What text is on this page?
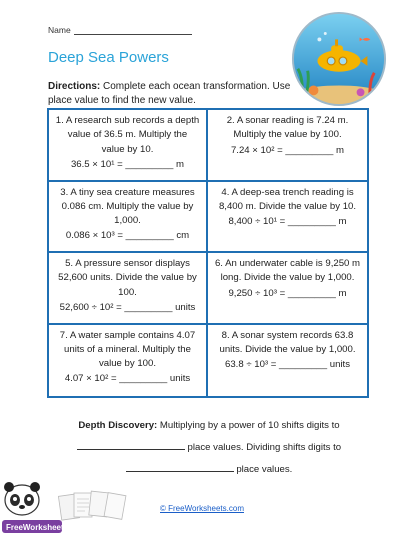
Name
Deep Sea Powers
Directions: Complete each ocean transformation. Use place value to find the new value.
1. A research sub records a depth value of 36.5 m. Multiply the value by 10.
36.5 × 10¹ = _________ m
2. A sonar reading is 7.24 m. Multiply the value by 100.
7.24 × 10² = _________ m
3. A tiny sea creature measures 0.086 cm. Multiply the value by 1,000.
0.086 × 10³ = _________ cm
4. A deep-sea trench reading is 8,400 m. Divide the value by 10.
8,400 ÷ 10¹ = _________ m
5. A pressure sensor displays 52,600 units. Divide the value by 100.
52,600 ÷ 10² = _________ units
6. An underwater cable is 9,250 m long. Divide the value by 1,000.
9,250 ÷ 10³ = _________ m
7. A water sample contains 4.07 units of a mineral. Multiply the value by 100.
4.07 × 10² = _________ units
8. A sonar system records 63.8 units. Divide the value by 1,000.
63.8 ÷ 10³ = _________ units
Depth Discovery: Multiplying by a power of 10 shifts digits to
place values. Dividing shifts digits to
place values.
FreeWorksheets.com
© FreeWorksheets.com
